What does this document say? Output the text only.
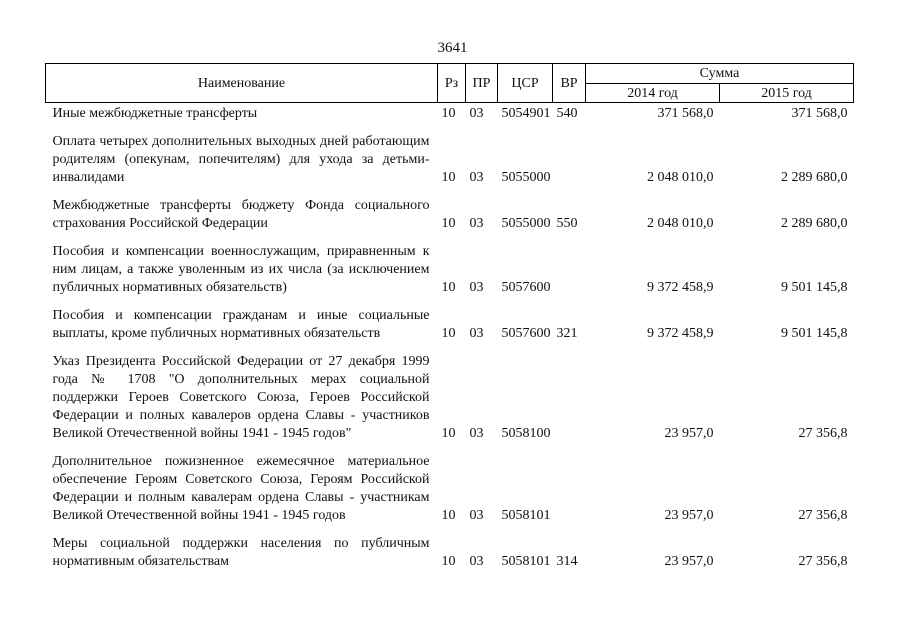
3641
Наименование	Рз	ПР	ЦСР	ВР	Сумма	
					2014 год	2015 год
Иные межбюджетные трансферты	10	03	5054901	540	371 568,0	371 568,0

Оплата четырех дополнительных выходных дней работающим родителям (опекунам, попечителям) для ухода за детьми-инвалидами	10	03	5055000		2 048 010,0	2 289 680,0

Межбюджетные трансферты бюджету Фонда социального страхования Российской Федерации	10	03	5055000	550	2 048 010,0	2 289 680,0

Пособия и компенсации военнослужащим, приравненным к ним лицам, а также уволенным из их числа (за исключением публичных нормативных обязательств)	10	03	5057600		9 372 458,9	9 501 145,8

Пособия и компенсации гражданам и иные социальные выплаты, кроме публичных нормативных обязательств	10	03	5057600	321	9 372 458,9	9 501 145,8

Указ Президента Российской Федерации от 27 декабря 1999 года № 1708 "О дополнительных мерах социальной поддержки Героев Советского Союза, Героев Российской Федерации и полных кавалеров ордена Славы - участников Великой Отечественной войны 1941 - 1945 годов"	10	03	5058100		23 957,0	27 356,8

Дополнительное пожизненное ежемесячное материальное обеспечение Героям Советского Союза, Героям Российской Федерации и полным кавалерам ордена Славы - участникам Великой Отечественной войны 1941 - 1945 годов	10	03	5058101		23 957,0	27 356,8

Меры социальной поддержки населения по публичным нормативным обязательствам	10	03	5058101	314	23 957,0	27 356,8
